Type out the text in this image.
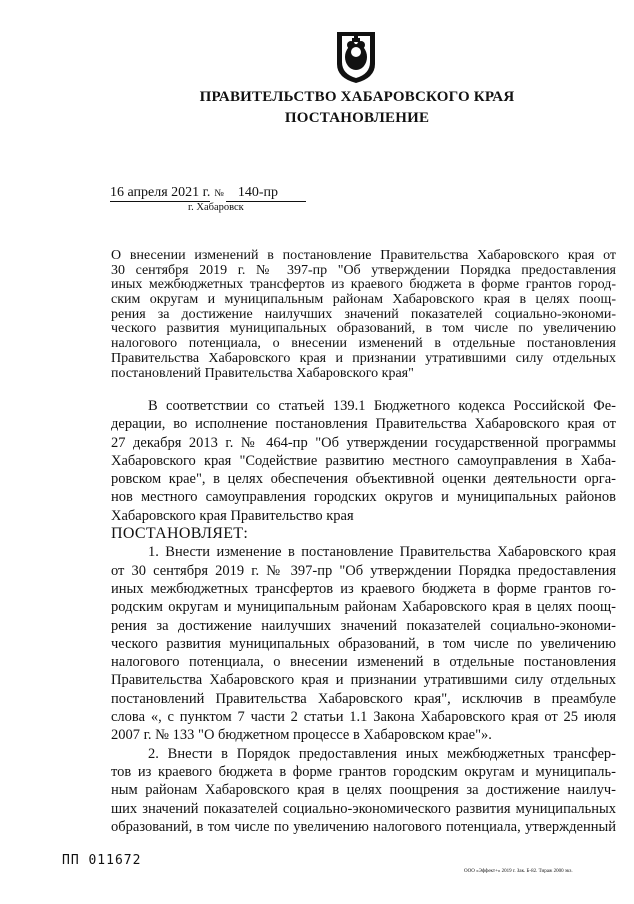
ПРАВИТЕЛЬСТВО ХАБАРОВСКОГО КРАЯ
ПОСТАНОВЛЕНИЕ
16 апреля 2021 г. № 140-пр
г. Хабаровск
О внесении изменений в постановление Правительства Хабаровского края от
30 сентября 2019 г. № 397-пр "Об утверждении Порядка предоставления
иных межбюджетных трансфертов из краевого бюджета в форме грантов город-
ским округам и муниципальным районам Хабаровского края в целях поощ-
рения за достижение наилучших значений показателей социально-экономи-
ческого развития муниципальных образований, в том числе по увеличению
налогового потенциала, о внесении изменений в отдельные постановления
Правительства Хабаровского края и признании утратившими силу отдельных
постановлений Правительства Хабаровского края"
В соответствии со статьей 139.1 Бюджетного кодекса Российской Фе-
дерации, во исполнение постановления Правительства Хабаровского края от
27 декабря 2013 г. № 464-пр "Об утверждении государственной программы
Хабаровского края "Содействие развитию местного самоуправления в Хаба-
ровском крае", в целях обеспечения объективной оценки деятельности орга-
нов местного самоуправления городских округов и муниципальных районов
Хабаровского края Правительство края
ПОСТАНОВЛЯЕТ:
1. Внести изменение в постановление Правительства Хабаровского края
от 30 сентября 2019 г. № 397-пр "Об утверждении Порядка предоставления
иных межбюджетных трансфертов из краевого бюджета в форме грантов го-
родским округам и муниципальным районам Хабаровского края в целях поощ-
рения за достижение наилучших значений показателей социально-экономи-
ческого развития муниципальных образований, в том числе по увеличению
налогового потенциала, о внесении изменений в отдельные постановления
Правительства Хабаровского края и признании утратившими силу отдельных
постановлений Правительства Хабаровского края", исключив в преамбуле
слова «, с пунктом 7 части 2 статьи 1.1 Закона Хабаровского края от 25 июля
2007 г. № 133 "О бюджетном процессе в Хабаровском крае"».
2. Внести в Порядок предоставления иных межбюджетных трансфер-
тов из краевого бюджета в форме грантов городским округам и муниципаль-
ным районам Хабаровского края в целях поощрения за достижение наилуч-
ших значений показателей социально-экономического развития муниципальных
образований, в том числе по увеличению налогового потенциала, утвержденный
ПП 011672
ООО «Эффект+» 2019 г. Зак. Б-82. Тираж 2000 экз.
